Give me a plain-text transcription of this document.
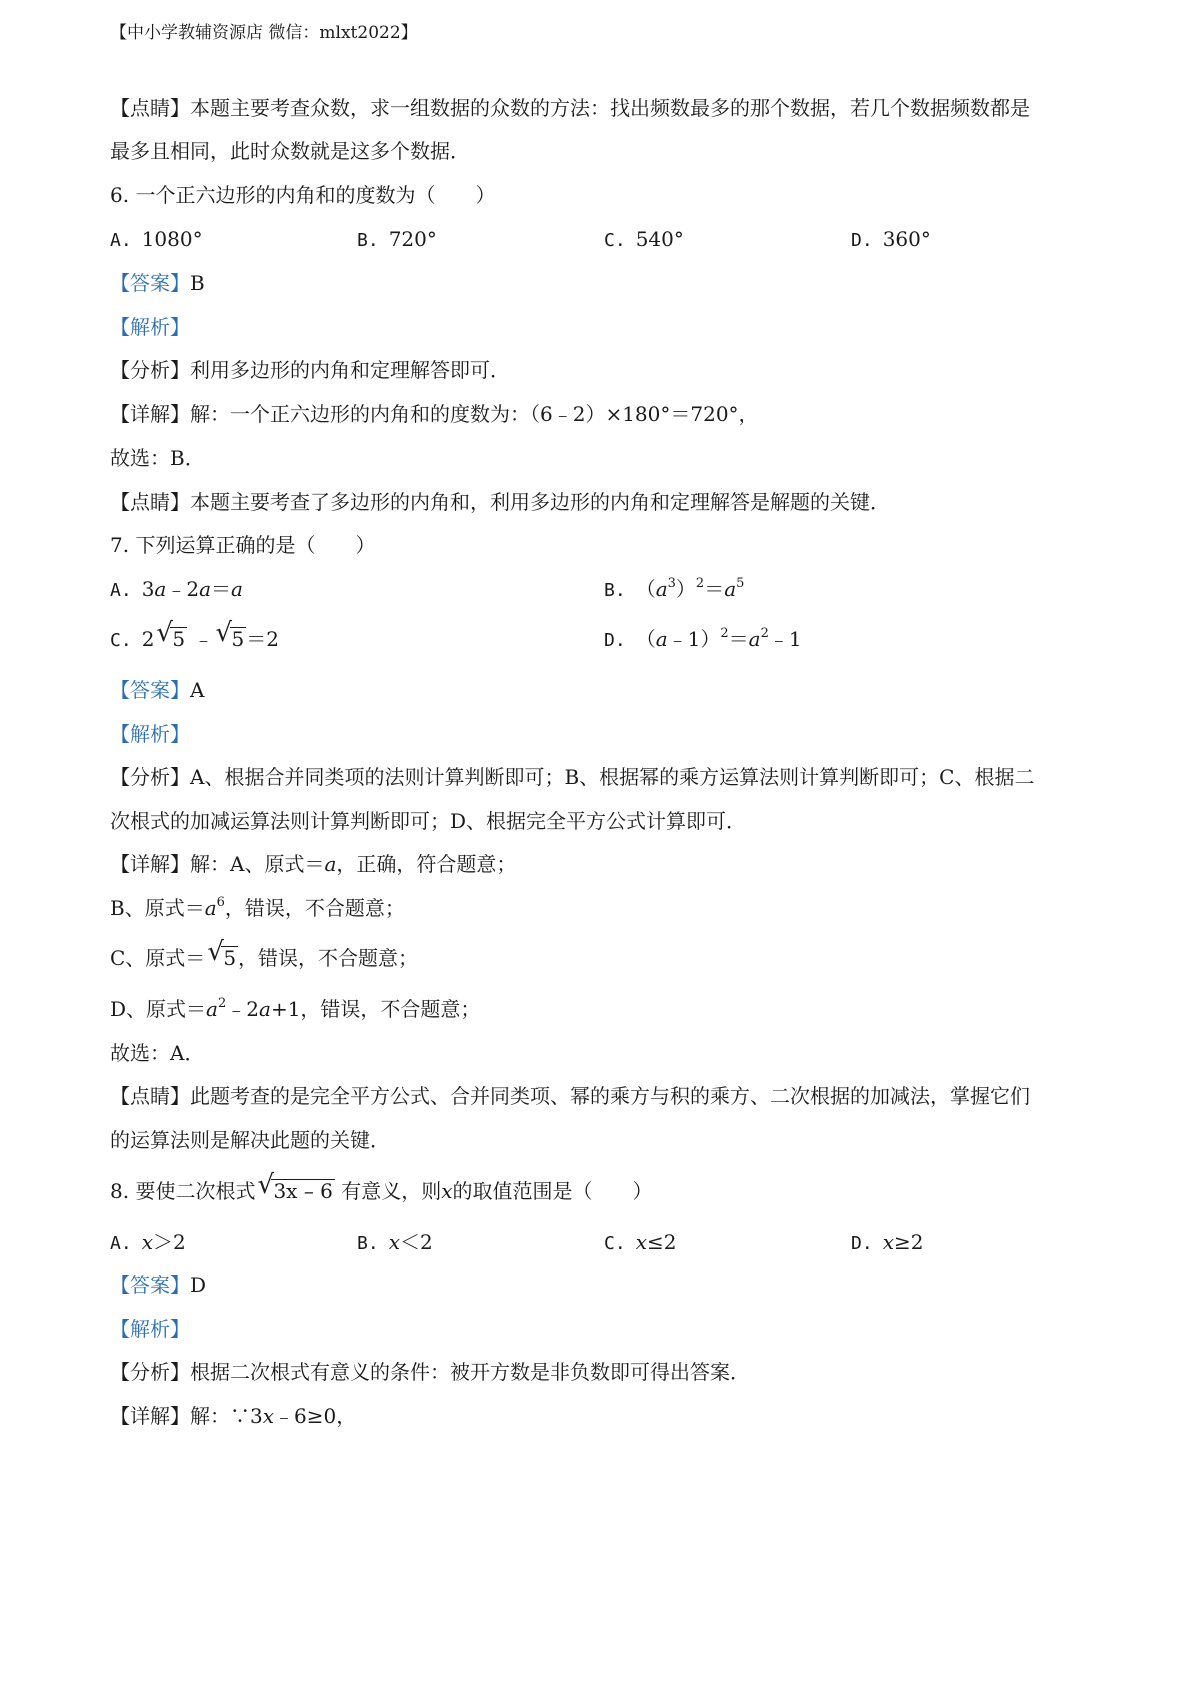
【中小学教辅资源店 微信：mlxt2022】
【点睛】本题主要考查众数，求一组数据的众数的方法：找出频数最多的那个数据，若几个数据频数都是
最多且相同，此时众数就是这多个数据．
6. 一个正六边形的内角和的度数为（　　）
A. 1080°	B. 720°	C. 540°	D. 360°
【答案】B
【解析】
【分析】利用多边形的内角和定理解答即可．
【详解】解：一个正六边形的内角和的度数为：（6﹣2）×180°＝720°，
故选：B．
【点睛】本题主要考查了多边形的内角和，利用多边形的内角和定理解答是解题的关键．
7. 下列运算正确的是（　　）
A. 3a﹣2a＝a	B. $(a^3)^2=a^5$
C. 2 √ 5 ﹣ √ 5 ＝2	D. $(a﹣1)^2=a^2﹣1$
【答案】A
【解析】
【分析】A、根据合并同类项的法则计算判断即可；B、根据幂的乘方运算法则计算判断即可；C、根据二
次根式的加减运算法则计算判断即可；D、根据完全平方公式计算即可．
【详解】解：A、原式＝a，正确，符合题意；
B、原式$=a^6$，错误，不合题意；
C、原式＝ √ 5 ，错误，不合题意；
D、原式$=a^2﹣2a+1$，错误，不合题意；
故选：A．
【点睛】此题考查的是完全平方公式、合并同类项、幂的乘方与积的乘方、二次根据的加减法，掌握它们
的运算法则是解决此题的关键．
8. 要使二次根式 √ 3x – 6 有意义，则x的取值范围是（　　）
A. x＞2	B. x＜2	C. x≤2	D. x≥2
【答案】D
【解析】
【分析】根据二次根式有意义的条件：被开方数是非负数即可得出答案．
【详解】解：∵3x﹣6≥0，
